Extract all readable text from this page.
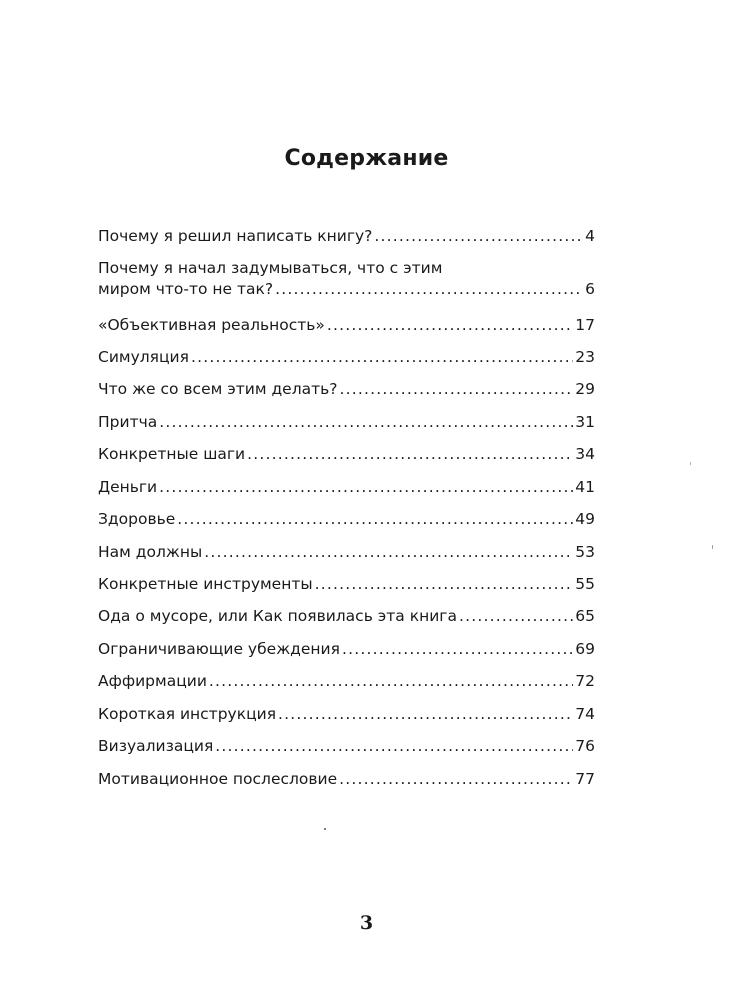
Содержание
Почему я решил написать книгу? .....	4
Почему я начал задумываться, что с этим
миром что-то не так? .....	6
«Объективная реальность» .....	17
Симуляция .....	23
Что же со всем этим делать? .....	29
Притча .....	31
Конкретные шаги .....	34
Деньги .....	41
Здоровье .....	49
Нам должны .....	53
Конкретные инструменты .....	55
Ода о мусоре, или Как появилась эта книга .....	65
Ограничивающие убеждения .....	69
Аффирмации .....	72
Короткая инструкция .....	74
Визуализация .....	76
Мотивационное послесловие .....	77
3
